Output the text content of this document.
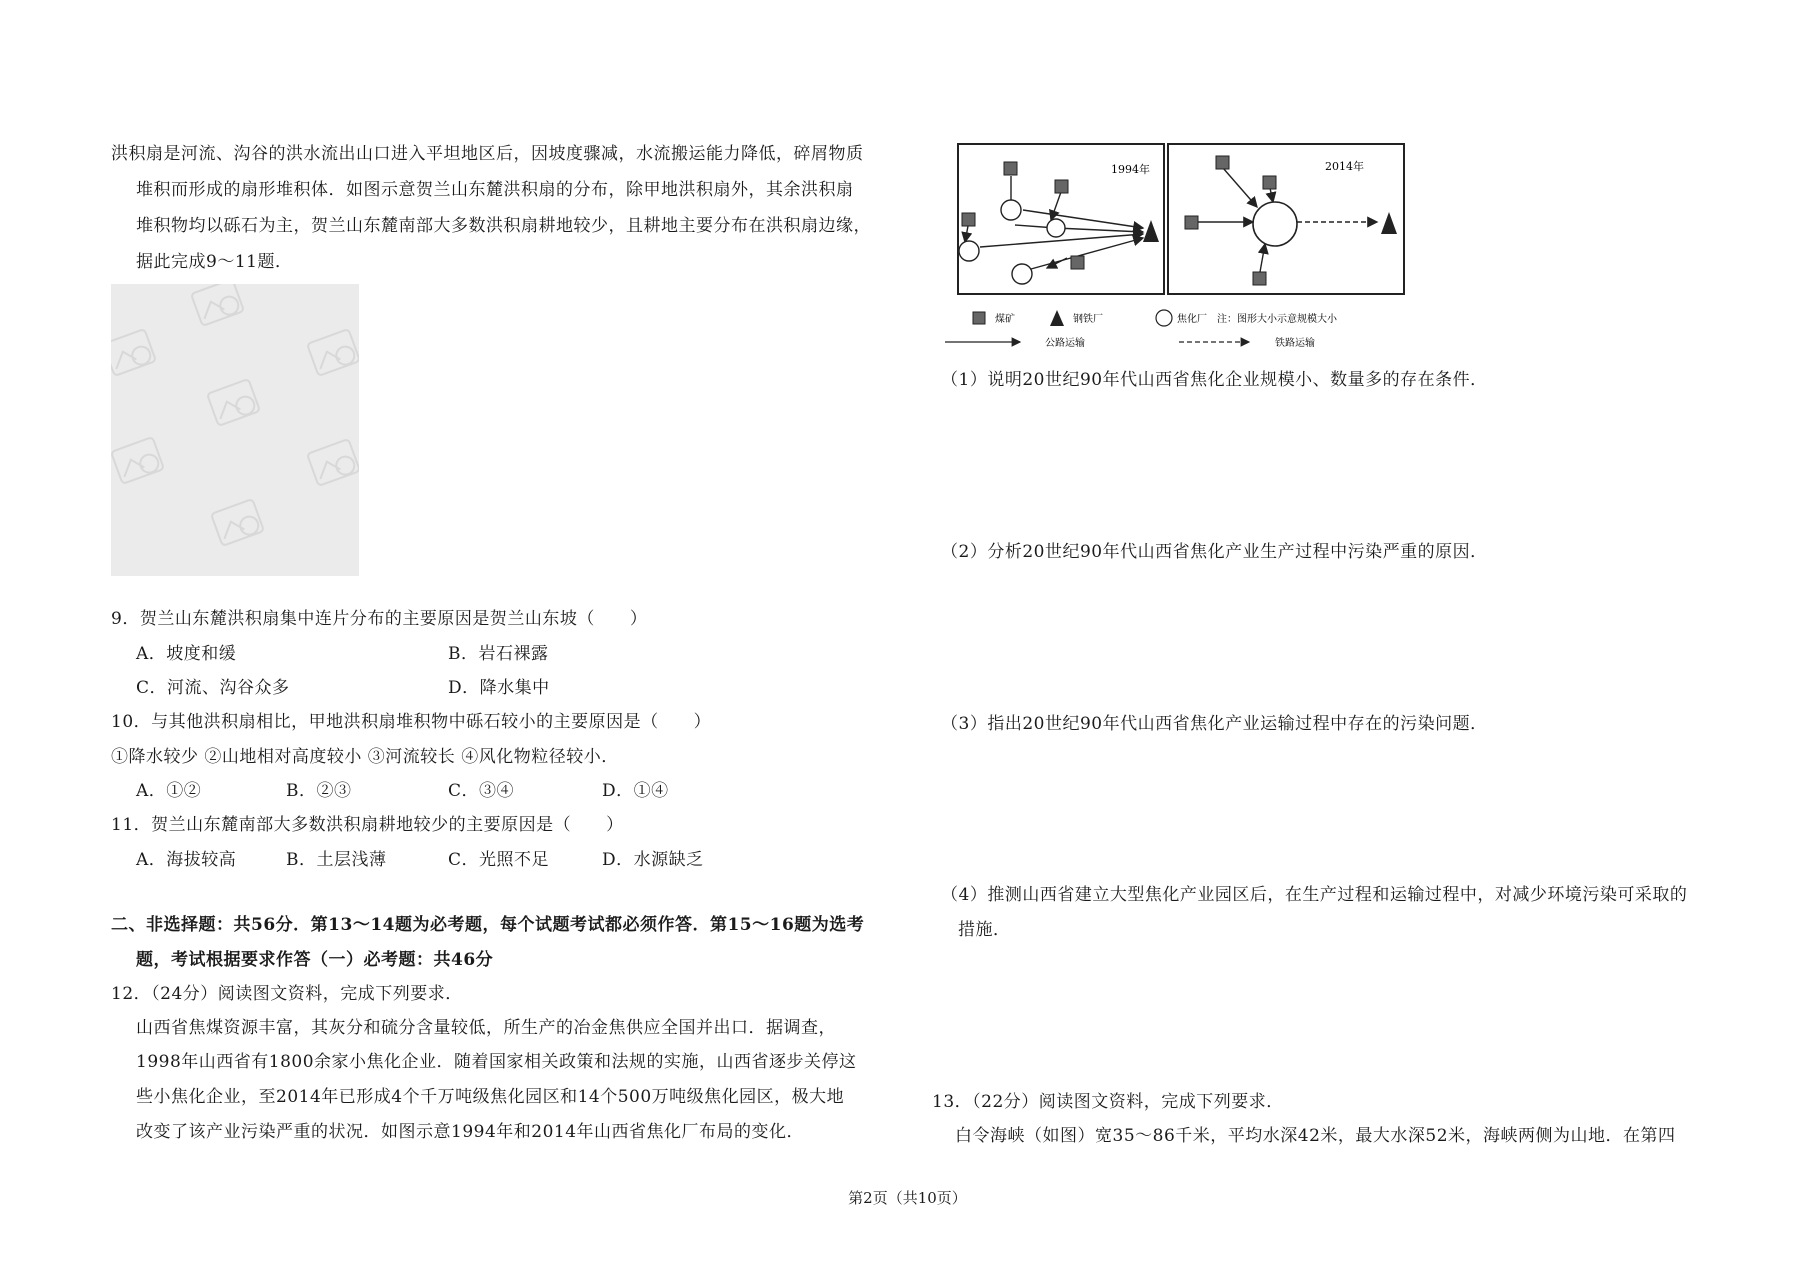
洪积扇是河流、沟谷的洪水流出山口进入平坦地区后，因坡度骤减，水流搬运能力降低，碎屑物质
堆积而形成的扇形堆积体．如图示意贺兰山东麓洪积扇的分布，除甲地洪积扇外，其余洪积扇
堆积物均以砾石为主，贺兰山东麓南部大多数洪积扇耕地较少，且耕地主要分布在洪积扇边缘，
据此完成9～11题．
9．贺兰山东麓洪积扇集中连片分布的主要原因是贺兰山东坡（　　）
A．坡度和缓	B．岩石裸露
C．河流、沟谷众多	D．降水集中
10．与其他洪积扇相比，甲地洪积扇堆积物中砾石较小的主要原因是（　　）
①降水较少 ②山地相对高度较小 ③河流较长 ④风化物粒径较小．
A．①②	B．②③	C．③④	D．①④
11．贺兰山东麓南部大多数洪积扇耕地较少的主要原因是（　　）
A．海拔较高	B．土层浅薄	C．光照不足	D．水源缺乏
二、非选择题：共56分．第13～14题为必考题，每个试题考试都必须作答．第15～16题为选考
题，考试根据要求作答（一）必考题：共46分
12．（24分）阅读图文资料，完成下列要求．
山西省焦煤资源丰富，其灰分和硫分含量较低，所生产的冶金焦供应全国并出口．据调查，
1998年山西省有1800余家小焦化企业．随着国家相关政策和法规的实施，山西省逐步关停这
些小焦化企业，至2014年已形成4个千万吨级焦化园区和14个500万吨级焦化园区，极大地
改变了该产业污染严重的状况．如图示意1994年和2014年山西省焦化厂布局的变化．
1994年	2014年
煤矿	钢铁厂	焦化厂 注：图形大小示意规模大小
公路运输	铁路运输
（1）说明20世纪90年代山西省焦化企业规模小、数量多的存在条件．
（2）分析20世纪90年代山西省焦化产业生产过程中污染严重的原因．
（3）指出20世纪90年代山西省焦化产业运输过程中存在的污染问题．
（4）推测山西省建立大型焦化产业园区后，在生产过程和运输过程中，对减少环境污染可采取的
措施．
13．（22分）阅读图文资料，完成下列要求．
白令海峡（如图）宽35～86千米，平均水深42米，最大水深52米，海峡两侧为山地．在第四
第2页（共10页）
